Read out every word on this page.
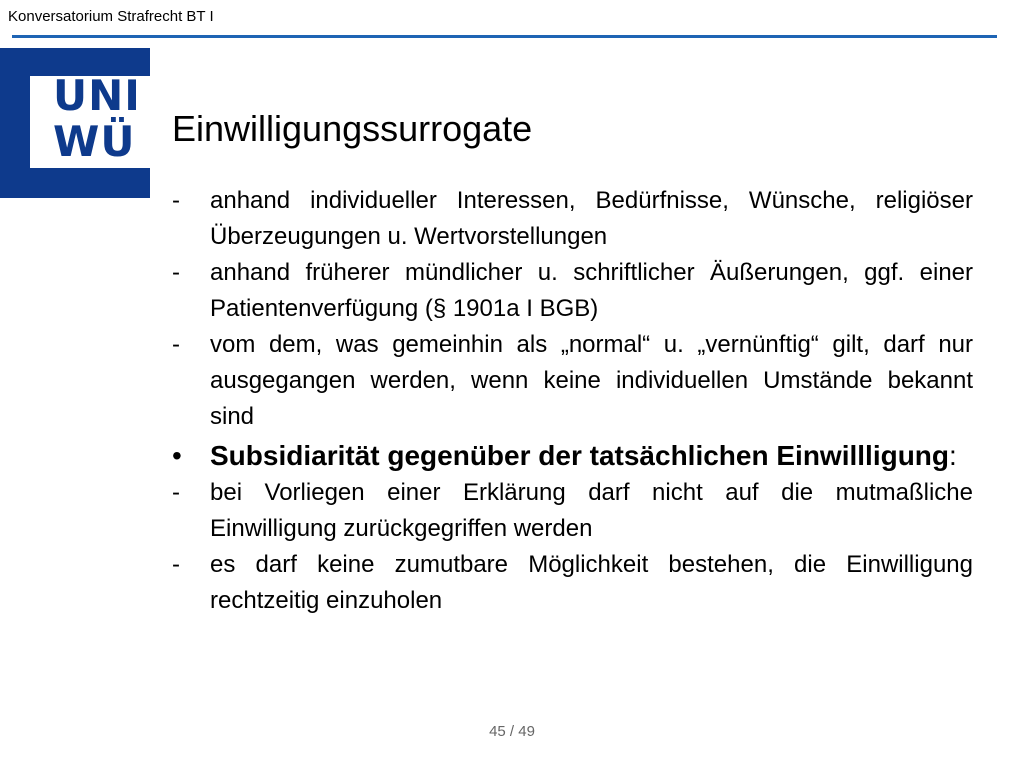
Konversatorium Strafrecht BT I
UNI
WÜ	Einwilligungssurrogate
- anhand individueller Interessen, Bedürfnisse, Wünsche, religiöser Überzeugungen u. Wertvorstellungen
- anhand früherer mündlicher u. schriftlicher Äußerungen, ggf. einer Patientenverfügung (§ 1901a I BGB)
- vom dem, was gemeinhin als „normal“ u. „vernünftig“ gilt, darf nur ausgegangen werden, wenn keine individuellen Umstände bekannt sind
• Subsidiarität gegenüber der tatsächlichen Einwillligung:
- bei Vorliegen einer Erklärung darf nicht auf die mutmaßliche Einwilligung zurückgegriffen werden
- es darf keine zumutbare Möglichkeit bestehen, die Einwilligung rechtzeitig einzuholen
45 / 49
